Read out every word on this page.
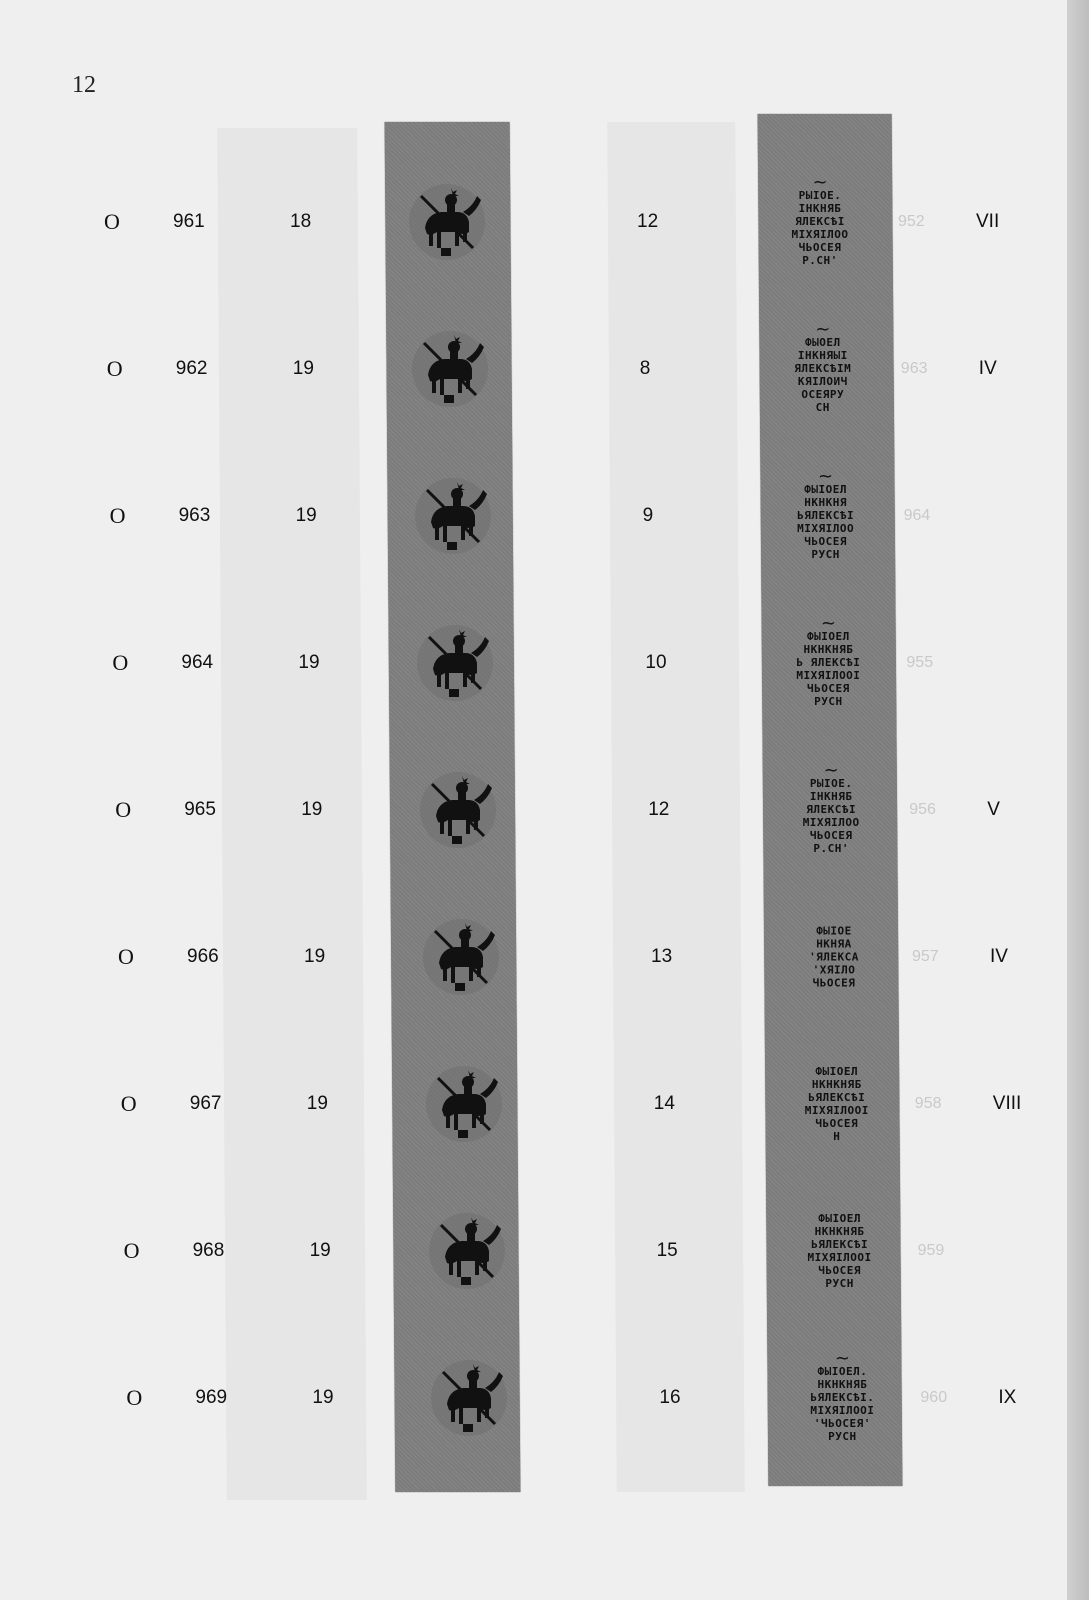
12
О	961	18	12
~
РЫІОЕ.
ІНКНЯБ
ЯЛЕКСѢІ
МІХЯІЛОО
ЧЬОСЕЯ
Р.СН'
952	VII
О	962	19	8
~
ФЫОЕЛ
ІНКНЯЫІ
ЯЛЕКСѢІМ
КЯІЛОИЧ
ОСЕЯРУ
СН
963	IV
О	963	19	9
~
ФЫІОЕЛ
НКНКНЯ
ЬЯЛЕКСѢІ
МІХЯІЛОО
ЧЬОСЕЯ
РУСН
964
О	964	19	10
~
ФЫІОЕЛ
НКНКНЯБ
Ь ЯЛЕКСѢІ
МІХЯІЛООІ
ЧЬОСЕЯ
РУСН
955
О	965	19	12
~
РЫІОЕ.
ІНКНЯБ
ЯЛЕКСѢІ
МІХЯІЛОО
ЧЬОСЕЯ
Р.СН'
956	V
О	966	19	13
ФЫІОЕ
НКНЯА
'ЯЛЕКСА
'ХЯІЛО
ЧЬОСЕЯ
957	IV
О	967	19	14
ФЫІОЕЛ
НКНКНЯБ
ЬЯЛЕКСѢІ
МІХЯІЛООІ
ЧЬОСЕЯ
Н
958	VIII
О	968	19	15
ФЫІОЕЛ
НКНКНЯБ
ЬЯЛЕКСѢІ
МІХЯІЛООІ
ЧЬОСЕЯ
РУСН
959
О	969	19	16
~
ФЫІОЕЛ.
НКНКНЯБ
ЬЯЛЕКСѢІ.
МІХЯІЛООІ
'ЧЬОСЕЯ'
РУСН
960	IX
